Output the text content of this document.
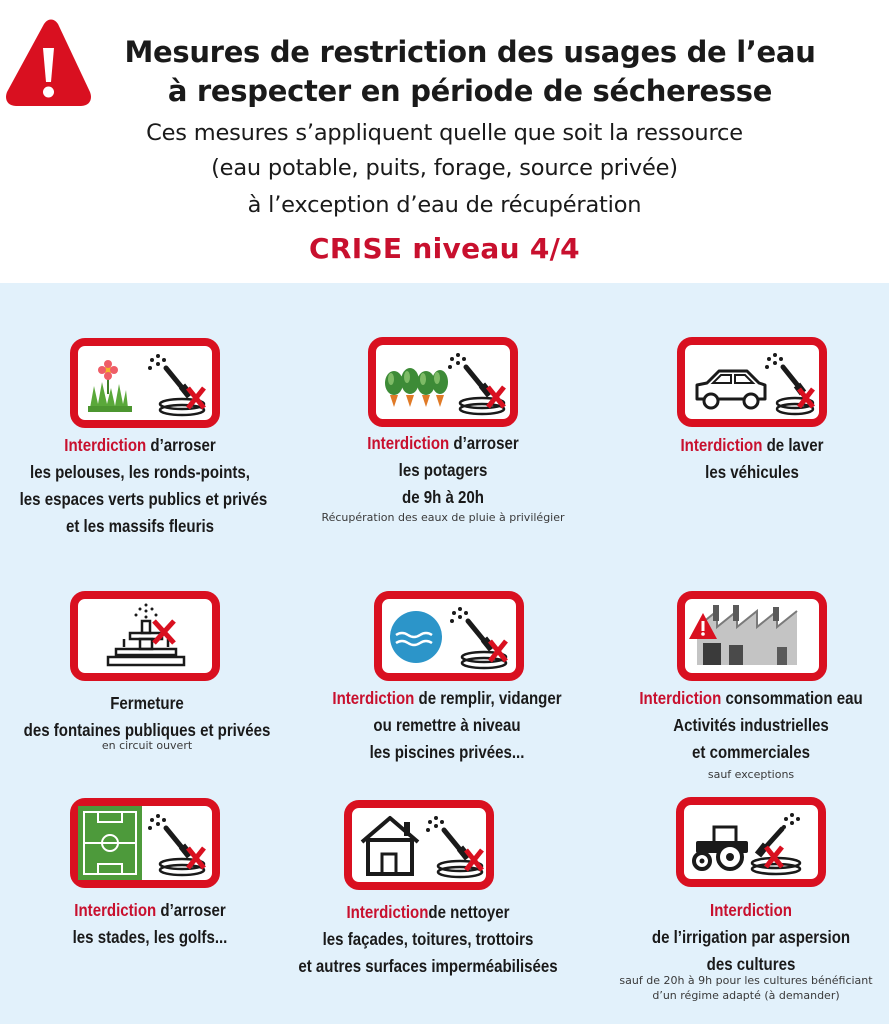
Mesures de restriction des usages de l’eau
à respecter en période de sécheresse
Ces mesures s’appliquent quelle que soit la ressource
(eau potable, puits, forage, source privée)
à l’exception d’eau de récupération
CRISE niveau 4/4
Interdiction d’arroser
les pelouses, les ronds-points,
les espaces verts publics et privés
et les massifs fleuris
Interdiction d’arroser
les potagers
de 9h à 20h
Récupération des eaux de pluie à privilégier
Interdiction de laver
les véhicules
Fermeture
des fontaines publiques et privées
en circuit ouvert
Interdiction de remplir, vidanger
ou remettre à niveau
les piscines privées...
Interdiction consommation eau
Activités industrielles
et commerciales
sauf exceptions
Interdiction d’arroser
les stades, les golfs...
Interdictionde nettoyer
les façades, toitures, trottoirs
et autres surfaces imperméabilisées
Interdiction
de l’irrigation par aspersion
des cultures
sauf de 20h à 9h pour les cultures bénéficiant
d’un régime adapté (à demander)
